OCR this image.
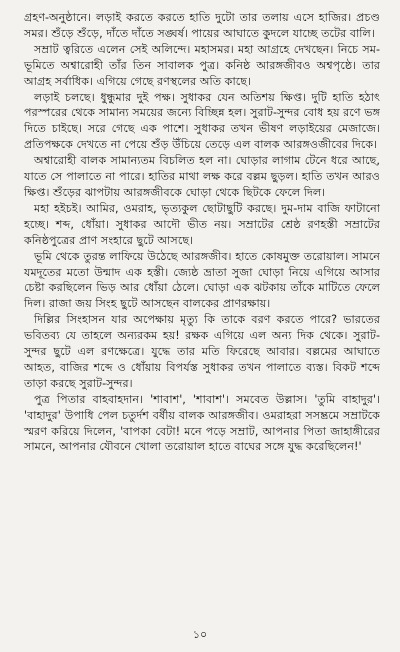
গ্রহণ-অনুষ্ঠানে। লড়াই করতে করতে হাতি দুটো তার তলায় এসে হাজির। প্রচণ্ড সমর। শুঁড়ে শুঁড়ে, দাঁতে দাঁতে সঙ্ঘর্ষ। পায়ের আঘাতে কুদলে যাচ্ছে তটের বালি।

সম্রাট ত্বরিতে এলেন সেই অলিন্দে। মহাসমর। মহা আগ্রহে দেখছেন। নিচে সম-ভূমিতে অশ্বারোহী তাঁর তিন সাবালক পুত্র। কনিষ্ঠ আরঙ্গজীবও অশ্বপৃষ্ঠে। তার আগ্রহ সর্বাধিক। এগিয়ে গেছে রণস্থলের অতি কাছে।

লড়াই চলছে। ধুন্ধুমার দুই পক্ষ। সুধাকর যেন অতিশয় ক্ষিপ্ত। দুটি হাতি হঠাৎ পরস্পরের থেকে সামান্য সময়ের জন্যে বিচ্ছিন্ন হল। সুরাট-সুন্দর বোধ হয় রণে ভঙ্গ দিতে চাইছে। সরে গেছে এক পাশে। সুধাকর তখন ভীষণ লড়াইয়ের মেজাজে। প্রতিপক্ষকে দেখতে না পেয়ে শুঁড় উঁচিয়ে তেড়ে এল বালক আরঙ্গওজীবের দিকে।

অশ্বারোহী বালক সামান্যতম বিচলিত হল না। ঘোড়ার লাগাম টেনে ধরে আছে, যাতে সে পালাতে না পারে। হাতির মাথা লক্ষ করে বল্লম ছুড়ল। হাতি তখন আরও ক্ষিপ্ত। শুঁড়ের ঝাপটায় আরঙ্গজীবকে ঘোড়া থেকে ছিটকে ফেলে দিল।

মহা হইচই। আমির, ওমরাহ, ভৃত্যকুল ছোটাছুটি করছে। দুম-দাম বাজি ফাটানো হচ্ছে। শব্দ, ধোঁয়া। সুধাকর আদৌ ভীত নয়। সম্রাটের শ্রেষ্ঠ রণহস্তী সম্রাটের কনিষ্ঠপুত্রের প্রাণ সংহারে ছুটে আসছে।

ভূমি থেকে তুরন্ত লাফিয়ে উঠেছে আরঙ্গজীব। হাতে কোষমুক্ত তরোয়াল। সামনে যমদূতের মতো উন্মাদ এক হস্তী। জ্যেষ্ঠ ভ্রাতা সুজা ঘোড়া নিয়ে এগিয়ে আসার চেষ্টা করছিলেন ভিড় আর ধোঁয়া ঠেলে। ঘোড়া এক ঝটকায় তাঁকে মাটিতে ফেলে দিল। রাজা জয় সিংহ ছুটে আসছেন বালকের প্রাণরক্ষায়।

দিল্লির সিংহাসন যার অপেক্ষায় মৃত্যু কি তাকে বরণ করতে পারে? ভারতের ভবিতব্য যে তাহলে অন্যরকম হয়! রক্ষক এগিয়ে এল অন্য দিক থেকে। সুরাট-সুন্দর ছুটে এল রণক্ষেত্রে। যুদ্ধে তার মতি ফিরেছে আবার। বল্লমের আঘাতে আহত, বাজির শব্দে ও ধোঁয়ায় বিপর্যস্ত সুধাকর তখন পালাতে ব্যস্ত। বিকট শব্দে তাড়া করছে সুরাট-সুন্দর।

পুত্র পিতার বাহবাহদান। 'শাবাশ', 'শাবাশ'। সমবেত উল্লাস। 'তুমি বাহাদুর'। 'বাহাদুর' উপাধি পেল চতুর্দশ বর্ষীয় বালক আরঙ্গজীব। ওমরাহরা সসম্ভ্রমে সম্রাটকে স্মরণ করিয়ে দিলেন, 'বাপকা বেটা! মনে পড়ে সম্রাট, আপনার পিতা জাহাঙ্গীরের সামনে, আপনার যৌবনে খোলা তরোয়াল হাতে বাঘের সঙ্গে যুদ্ধ করেছিলেন!'

১০
